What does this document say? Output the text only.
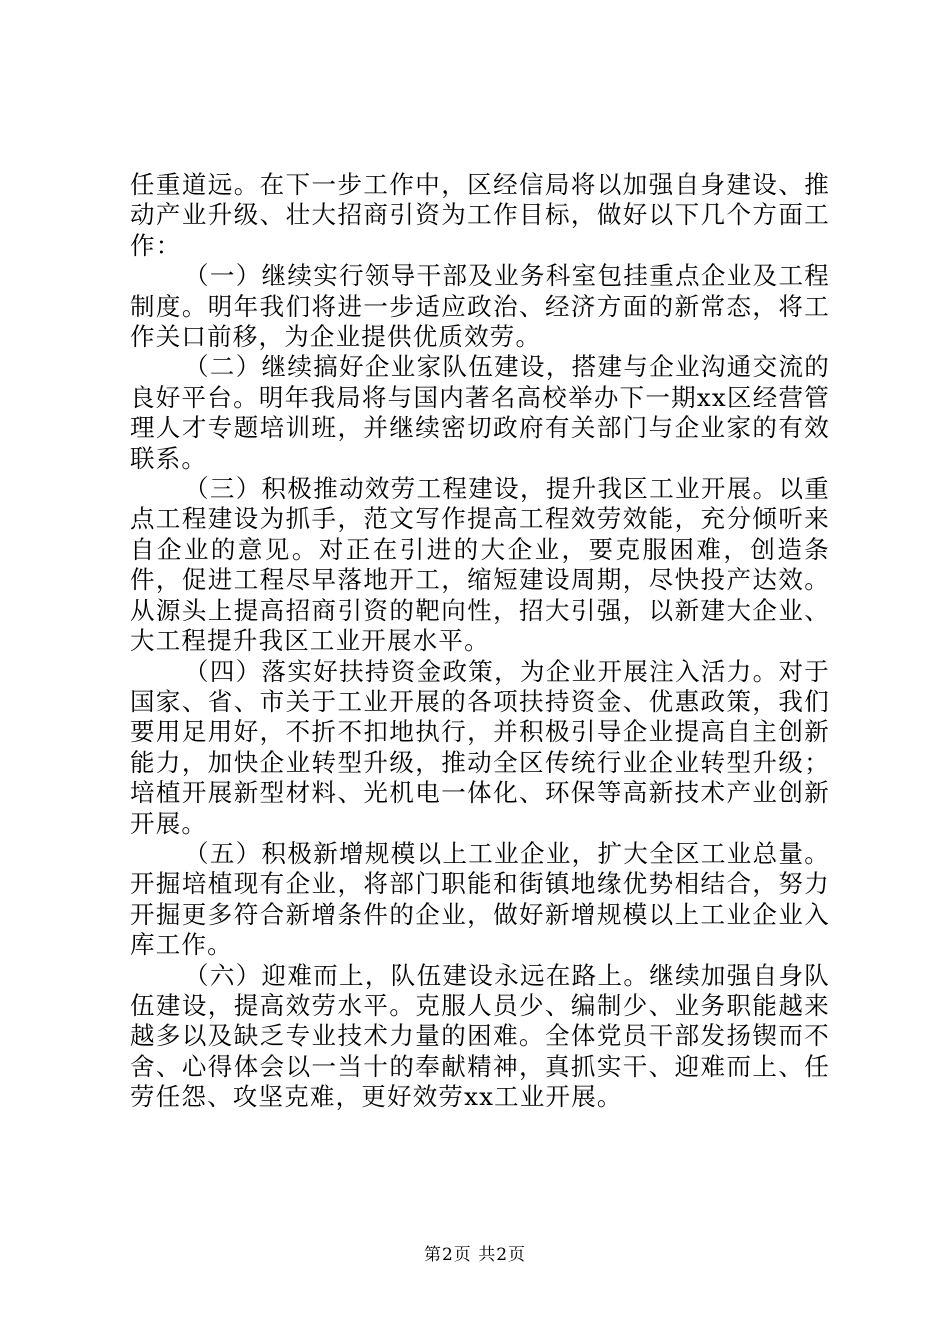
任重道远。在下一步工作中，区经信局将以加强自身建设、推动产业升级、壮大招商引资为工作目标，做好以下几个方面工作：

（一）继续实行领导干部及业务科室包挂重点企业及工程制度。明年我们将进一步适应政治、经济方面的新常态，将工作关口前移，为企业提供优质效劳。

（二）继续搞好企业家队伍建设，搭建与企业沟通交流的良好平台。明年我局将与国内著名高校举办下一期xx区经营管理人才专题培训班，并继续密切政府有关部门与企业家的有效联系。

（三）积极推动效劳工程建设，提升我区工业开展。以重点工程建设为抓手，范文写作提高工程效劳效能，充分倾听来自企业的意见。对正在引进的大企业，要克服困难，创造条件，促进工程尽早落地开工，缩短建设周期，尽快投产达效。从源头上提高招商引资的靶向性，招大引强，以新建大企业、大工程提升我区工业开展水平。

（四）落实好扶持资金政策，为企业开展注入活力。对于国家、省、市关于工业开展的各项扶持资金、优惠政策，我们要用足用好，不折不扣地执行，并积极引导企业提高自主创新能力，加快企业转型升级，推动全区传统行业企业转型升级；培植开展新型材料、光机电一体化、环保等高新技术产业创新开展。

（五）积极新增规模以上工业企业，扩大全区工业总量。开掘培植现有企业，将部门职能和街镇地缘优势相结合，努力开掘更多符合新增条件的企业，做好新增规模以上工业企业入库工作。

（六）迎难而上，队伍建设永远在路上。继续加强自身队伍建设，提高效劳水平。克服人员少、编制少、业务职能越来越多以及缺乏专业技术力量的困难。全体党员干部发扬锲而不舍、心得体会以一当十的奉献精神，真抓实干、迎难而上、任劳任怨、攻坚克难，更好效劳xx工业开展。

第2页 共2页
